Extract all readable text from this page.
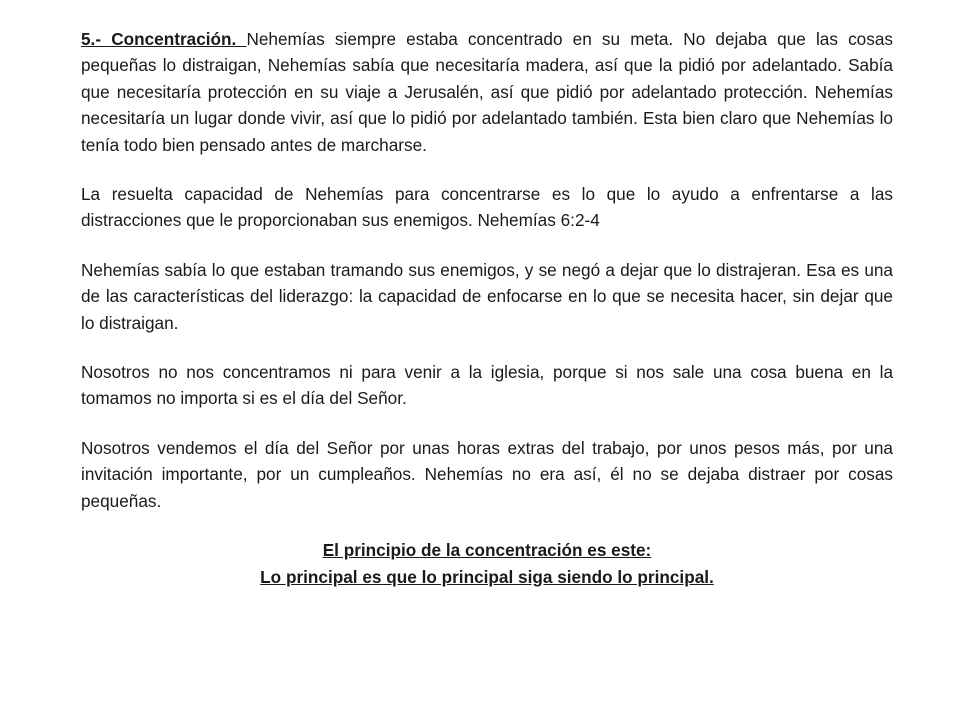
5.- Concentración. Nehemías siempre estaba concentrado en su meta. No dejaba que las cosas pequeñas lo distraigan, Nehemías sabía que necesitaría madera, así que la pidió por adelantado. Sabía que necesitaría protección en su viaje a Jerusalén, así que pidió por adelantado protección. Nehemías necesitaría un lugar donde vivir, así que lo pidió por adelantado también. Esta bien claro que Nehemías lo tenía todo bien pensado antes de marcharse.

La resuelta capacidad de Nehemías para concentrarse es lo que lo ayudo a enfrentarse a las distracciones que le proporcionaban sus enemigos. Nehemías 6:2-4

Nehemías sabía lo que estaban tramando sus enemigos, y se negó a dejar que lo distrajeran. Esa es una de las características del liderazgo: la capacidad de enfocarse en lo que se necesita hacer, sin dejar que lo distraigan.

Nosotros no nos concentramos ni para venir a la iglesia, porque si nos sale una cosa buena en la tomamos no importa si es el día del Señor.

Nosotros vendemos el día del Señor por unas horas extras del trabajo, por unos pesos más, por una invitación importante, por un cumpleaños. Nehemías no era así, él no se dejaba distraer por cosas pequeñas.

El principio de la concentración es este:
Lo principal es que lo principal siga siendo lo principal.
